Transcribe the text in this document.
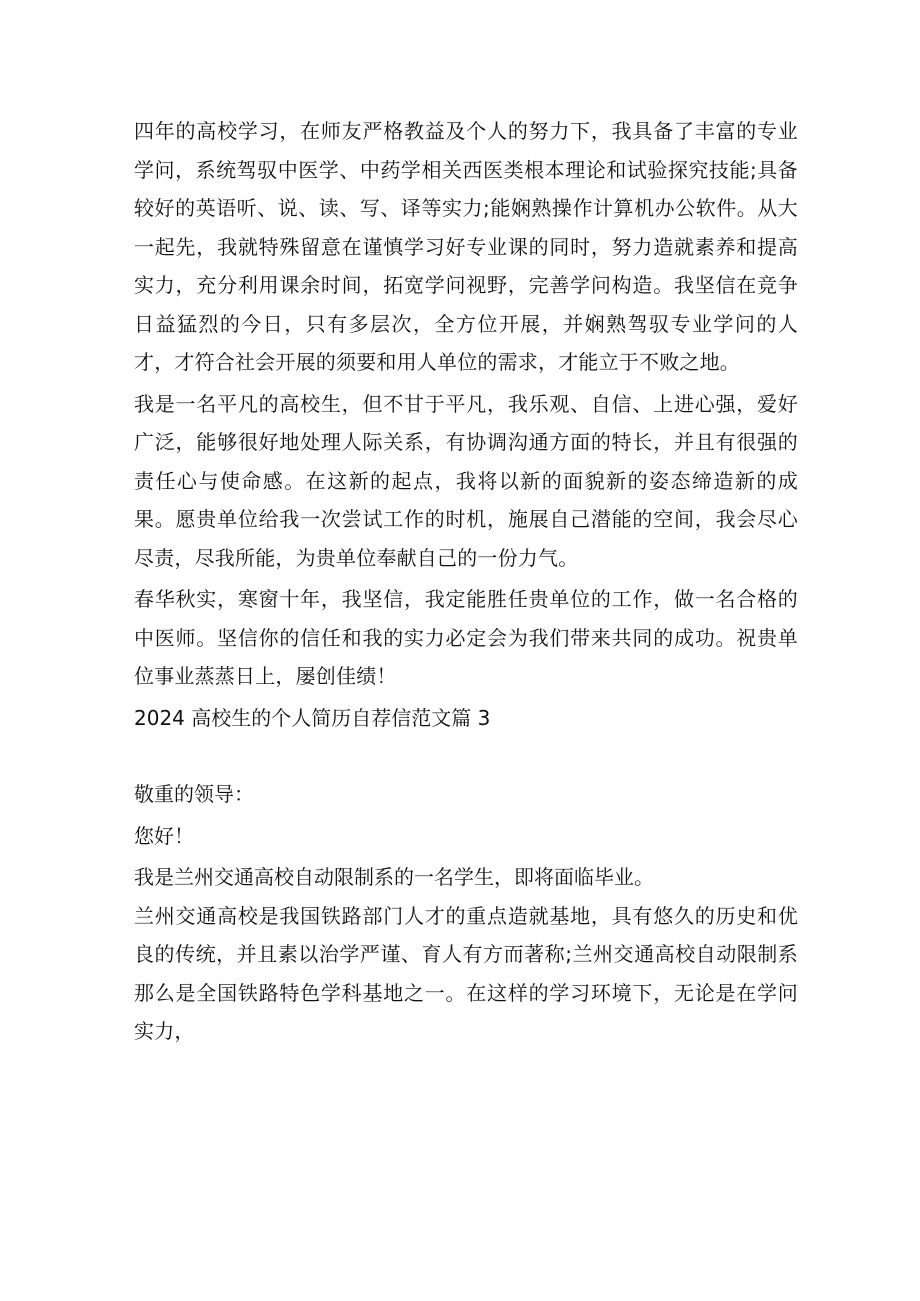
四年的高校学习，在师友严格教益及个人的努力下，我具备了丰富的专业学问，系统驾驭中医学、中药学相关西医类根本理论和试验探究技能;具备较好的英语听、说、读、写、译等实力;能娴熟操作计算机办公软件。从大一起先，我就特殊留意在谨慎学习好专业课的同时，努力造就素养和提高实力，充分利用课余时间，拓宽学问视野，完善学问构造。我坚信在竞争日益猛烈的今日，只有多层次，全方位开展，并娴熟驾驭专业学问的人才，才符合社会开展的须要和用人单位的需求，才能立于不败之地。

我是一名平凡的高校生，但不甘于平凡，我乐观、自信、上进心强，爱好广泛，能够很好地处理人际关系，有协调沟通方面的特长，并且有很强的责任心与使命感。在这新的起点，我将以新的面貌新的姿态缔造新的成果。愿贵单位给我一次尝试工作的时机，施展自己潜能的空间，我会尽心尽责，尽我所能，为贵单位奉献自己的一份力气。

春华秋实，寒窗十年，我坚信，我定能胜任贵单位的工作，做一名合格的中医师。坚信你的信任和我的实力必定会为我们带来共同的成功。祝贵单位事业蒸蒸日上，屡创佳绩！

2024 高校生的个人简历自荐信范文篇 3

敬重的领导：

您好！

我是兰州交通高校自动限制系的一名学生，即将面临毕业。

兰州交通高校是我国铁路部门人才的重点造就基地，具有悠久的历史和优良的传统，并且素以治学严谨、育人有方而著称;兰州交通高校自动限制系那么是全国铁路特色学科基地之一。在这样的学习环境下，无论是在学问实力，
